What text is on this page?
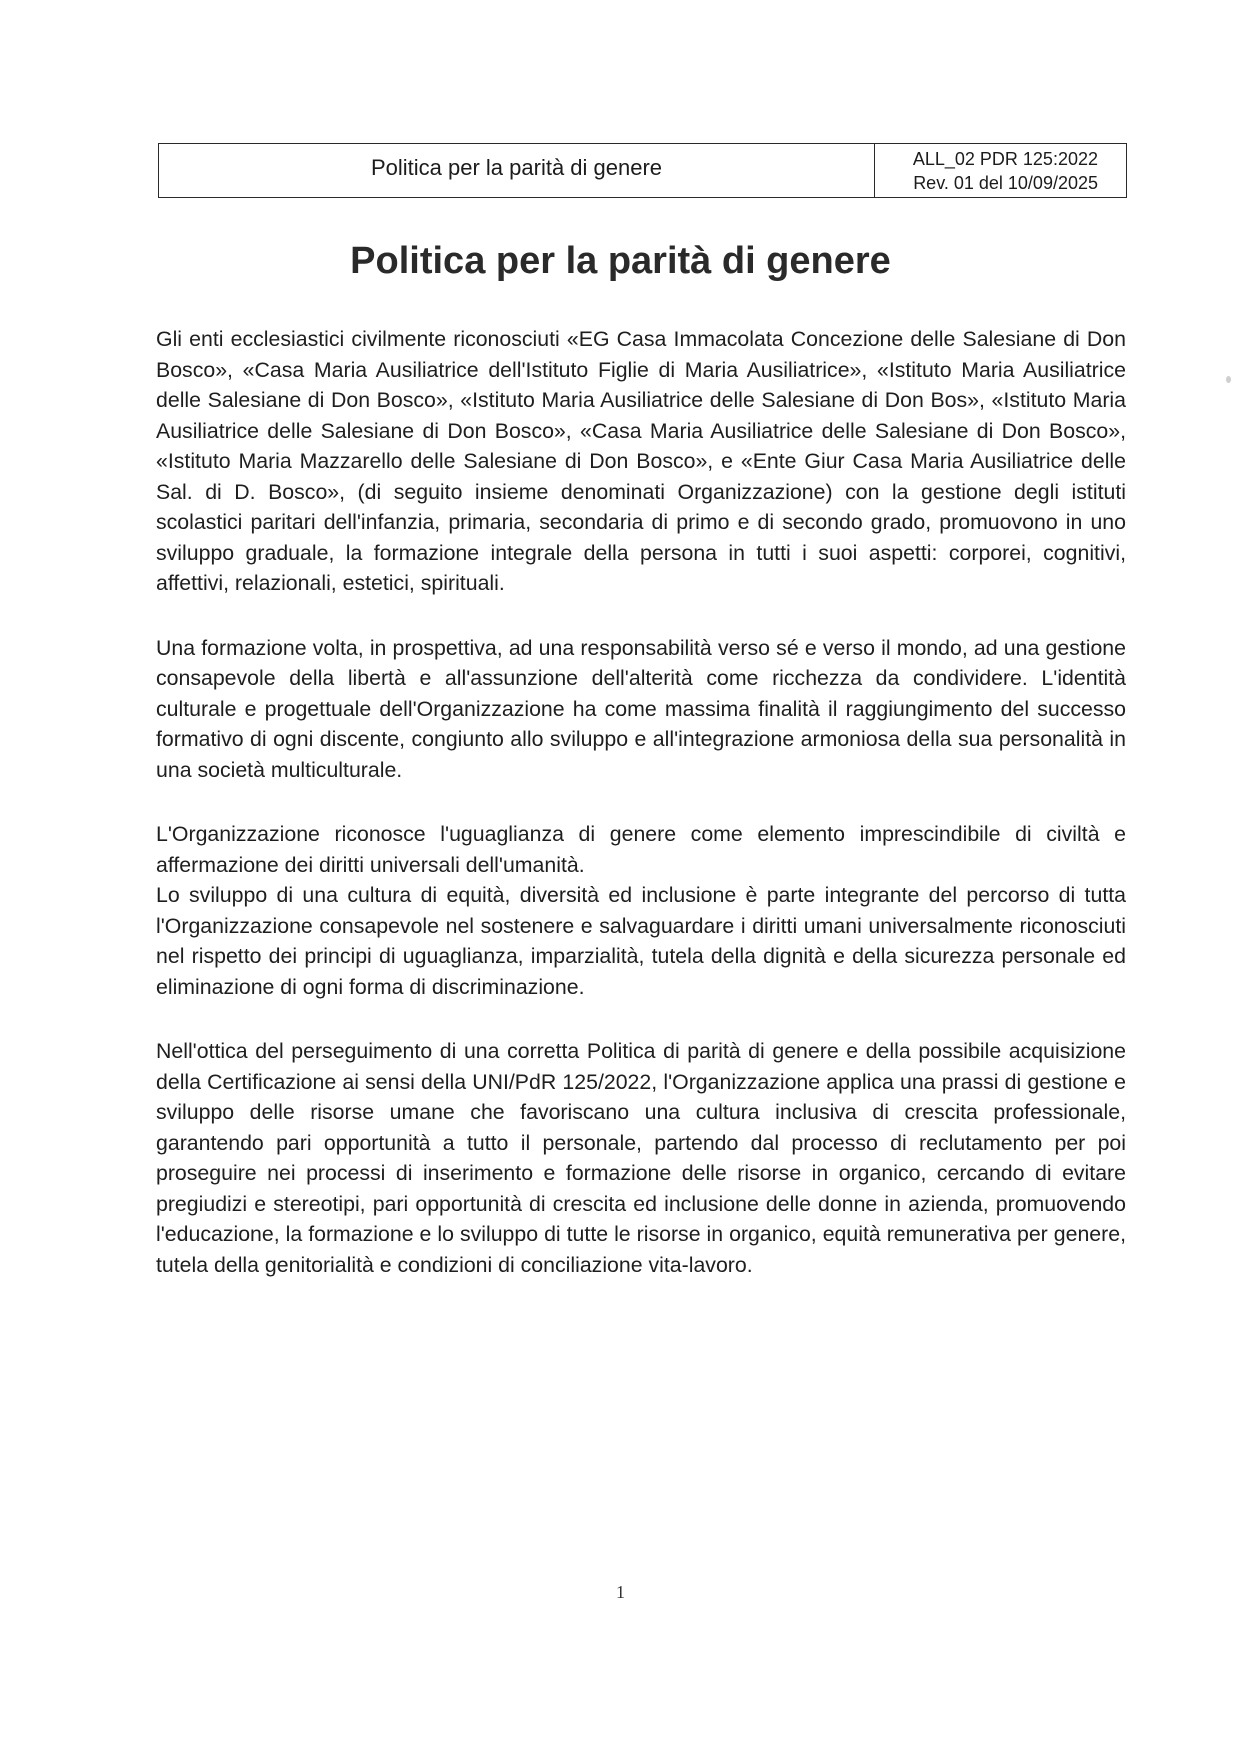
Politica per la parità di genere	ALL_02 PDR 125:2022
Rev. 01 del 10/09/2025
Politica per la parità di genere

Gli enti ecclesiastici civilmente riconosciuti «EG Casa Immacolata Concezione delle Salesiane di Don Bosco», «Casa Maria Ausiliatrice dell'Istituto Figlie di Maria Ausiliatrice», «Istituto Maria Ausiliatrice delle Salesiane di Don Bosco», «Istituto Maria Ausiliatrice delle Salesiane di Don Bos», «Istituto Maria Ausiliatrice delle Salesiane di Don Bosco», «Casa Maria Ausiliatrice delle Salesiane di Don Bosco», «Istituto Maria Mazzarello delle Salesiane di Don Bosco», e «Ente Giur Casa Maria Ausiliatrice delle Sal. di D. Bosco», (di seguito insieme denominati Organizzazione) con la gestione degli istituti scolastici paritari dell'infanzia, primaria, secondaria di primo e di secondo grado, promuovono in uno sviluppo graduale, la formazione integrale della persona in tutti i suoi aspetti: corporei, cognitivi, affettivi, relazionali, estetici, spirituali.

Una formazione volta, in prospettiva, ad una responsabilità verso sé e verso il mondo, ad una gestione consapevole della libertà e all'assunzione dell'alterità come ricchezza da condividere. L'identità culturale e progettuale dell'Organizzazione ha come massima finalità il raggiungimento del successo formativo di ogni discente, congiunto allo sviluppo e all'integrazione armoniosa della sua personalità in una società multiculturale.

L'Organizzazione riconosce l'uguaglianza di genere come elemento imprescindibile di civiltà e affermazione dei diritti universali dell'umanità.

Lo sviluppo di una cultura di equità, diversità ed inclusione è parte integrante del percorso di tutta l'Organizzazione consapevole nel sostenere e salvaguardare i diritti umani universalmente riconosciuti nel rispetto dei principi di uguaglianza, imparzialità, tutela della dignità e della sicurezza personale ed eliminazione di ogni forma di discriminazione.

Nell'ottica del perseguimento di una corretta Politica di parità di genere e della possibile acquisizione della Certificazione ai sensi della UNI/PdR 125/2022, l'Organizzazione applica una prassi di gestione e sviluppo delle risorse umane che favoriscano una cultura inclusiva di crescita professionale, garantendo pari opportunità a tutto il personale, partendo dal processo di reclutamento per poi proseguire nei processi di inserimento e formazione delle risorse in organico, cercando di evitare pregiudizi e stereotipi, pari opportunità di crescita ed inclusione delle donne in azienda, promuovendo l'educazione, la formazione e lo sviluppo di tutte le risorse in organico, equità remunerativa per genere, tutela della genitorialità e condizioni di conciliazione vita-lavoro.

1
